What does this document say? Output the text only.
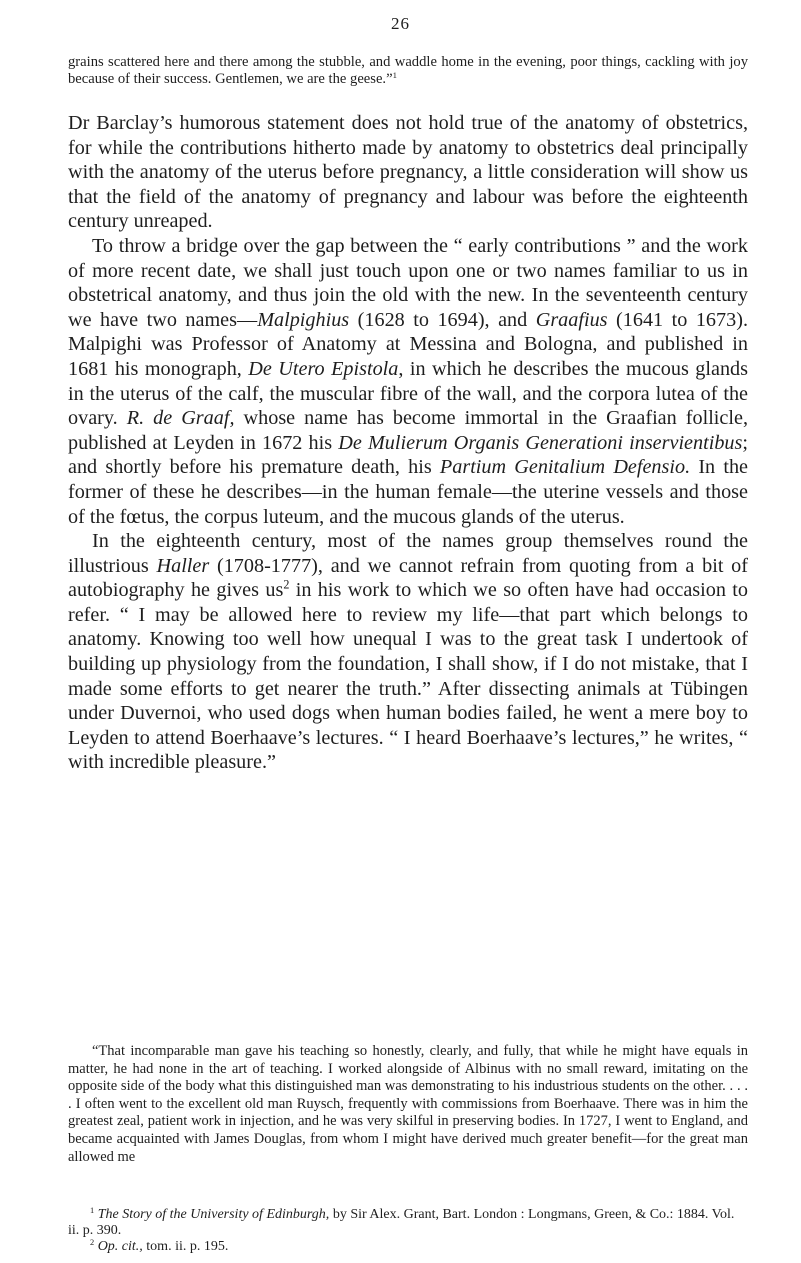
26
grains scattered here and there among the stubble, and waddle home in the evening, poor things, cackling with joy because of their success. Gentlemen, we are the geese.”$^1$

Dr Barclay’s humorous statement does not hold true of the anatomy of obstetrics, for while the contributions hitherto made by anatomy to obstetrics deal principally with the anatomy of the uterus before pregnancy, a little consideration will show us that the field of the anatomy of pregnancy and labour was before the eighteenth century unreaped.

To throw a bridge over the gap between the “ early contributions ” and the work of more recent date, we shall just touch upon one or two names familiar to us in obstetrical anatomy, and thus join the old with the new. In the seventeenth century we have two names—Malpighius (1628 to 1694), and Graafius (1641 to 1673). Malpighi was Professor of Anatomy at Messina and Bologna, and published in 1681 his monograph, De Utero Epistola, in which he describes the mucous glands in the uterus of the calf, the muscular fibre of the wall, and the corpora lutea of the ovary. R. de Graaf, whose name has become immortal in the Graafian follicle, published at Leyden in 1672 his De Mulierum Organis Generationi inservientibus; and shortly before his premature death, his Partium Genitalium Defensio. In the former of these he describes—in the human female—the uterine vessels and those of the fœtus, the corpus luteum, and the mucous glands of the uterus.

In the eighteenth century, most of the names group themselves round the illustrious Haller (1708-1777), and we cannot refrain from quoting from a bit of autobiography he gives $us^2$ in his work to which we so often have had occasion to refer. “ I may be allowed here to review my life—that part which belongs to anatomy. Knowing too well how unequal I was to the great task I undertook of building up physiology from the foundation, I shall show, if I do not mistake, that I made some efforts to get nearer the truth.” After dissecting animals at Tübingen under Duvernoi, who used dogs when human bodies failed, he went a mere boy to Leyden to attend Boerhaave’s lectures. “ I heard Boerhaave’s lectures,” he writes, “ with incredible pleasure.”

“That incomparable man gave his teaching so honestly, clearly, and fully, that while he might have equals in matter, he had none in the art of teaching. I worked alongside of Albinus with no small reward, imitating on the opposite side of the body what this distinguished man was demonstrating to his industrious students on the other. . . . . I often went to the excellent old man Ruysch, frequently with commissions from Boerhaave. There was in him the greatest zeal, patient work in injection, and he was very skilful in preserving bodies. In 1727, I went to England, and became acquainted with James Douglas, from whom I might have derived much greater benefit—for the great man allowed me

$^1$ The Story of the University of Edinburgh, by Sir Alex. Grant, Bart. London : Longmans, Green, & Co.: 1884. Vol. ii. p. 390.

$^2$ Op. cit., tom. ii. p. 195.
